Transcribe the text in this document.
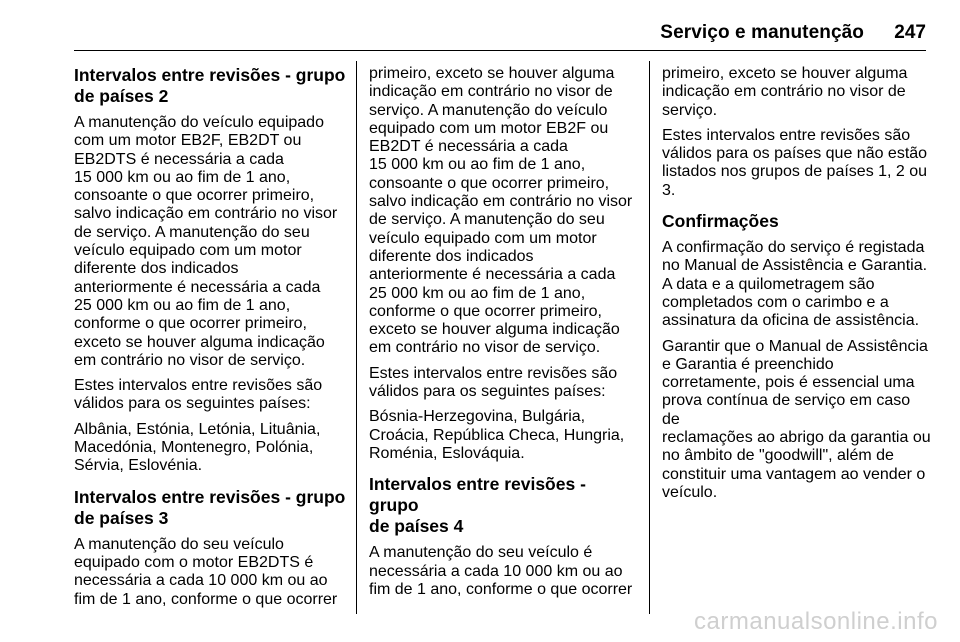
Serviço e manutenção 247
Intervalos entre revisões - grupo
de países 2

A manutenção do veículo equipado
com um motor EB2F, EB2DT ou
EB2DTS é necessária a cada
15 000 km ou ao fim de 1 ano,
consoante o que ocorrer primeiro,
salvo indicação em contrário no visor
de serviço. A manutenção do seu
veículo equipado com um motor
diferente dos indicados
anteriormente é necessária a cada
25 000 km ou ao fim de 1 ano,
conforme o que ocorrer primeiro,
exceto se houver alguma indicação
em contrário no visor de serviço.

Estes intervalos entre revisões são
válidos para os seguintes países:

Albânia, Estónia, Letónia, Lituânia,
Macedónia, Montenegro, Polónia,
Sérvia, Eslovénia.

Intervalos entre revisões - grupo
de países 3

A manutenção do seu veículo
equipado com o motor EB2DTS é
necessária a cada 10 000 km ou ao
fim de 1 ano, conforme o que ocorrer

primeiro, exceto se houver alguma
indicação em contrário no visor de
serviço. A manutenção do veículo
equipado com um motor EB2F ou
EB2DT é necessária a cada
15 000 km ou ao fim de 1 ano,
consoante o que ocorrer primeiro,
salvo indicação em contrário no visor
de serviço. A manutenção do seu
veículo equipado com um motor
diferente dos indicados
anteriormente é necessária a cada
25 000 km ou ao fim de 1 ano,
conforme o que ocorrer primeiro,
exceto se houver alguma indicação
em contrário no visor de serviço.

Estes intervalos entre revisões são
válidos para os seguintes países:

Bósnia-Herzegovina, Bulgária,
Croácia, República Checa, Hungria,
Roménia, Eslováquia.

Intervalos entre revisões - grupo
de países 4

A manutenção do seu veículo é
necessária a cada 10 000 km ou ao
fim de 1 ano, conforme o que ocorrer

primeiro, exceto se houver alguma
indicação em contrário no visor de
serviço.

Estes intervalos entre revisões são
válidos para os países que não estão
listados nos grupos de países 1, 2 ou
3.

Confirmações

A confirmação do serviço é registada
no Manual de Assistência e Garantia.
A data e a quilometragem são
completados com o carimbo e a
assinatura da oficina de assistência.

Garantir que o Manual de Assistência
e Garantia é preenchido
corretamente, pois é essencial uma
prova contínua de serviço em caso de
reclamações ao abrigo da garantia ou
no âmbito de "goodwill", além de
constituir uma vantagem ao vender o
veículo.

carmanualsonline.info
